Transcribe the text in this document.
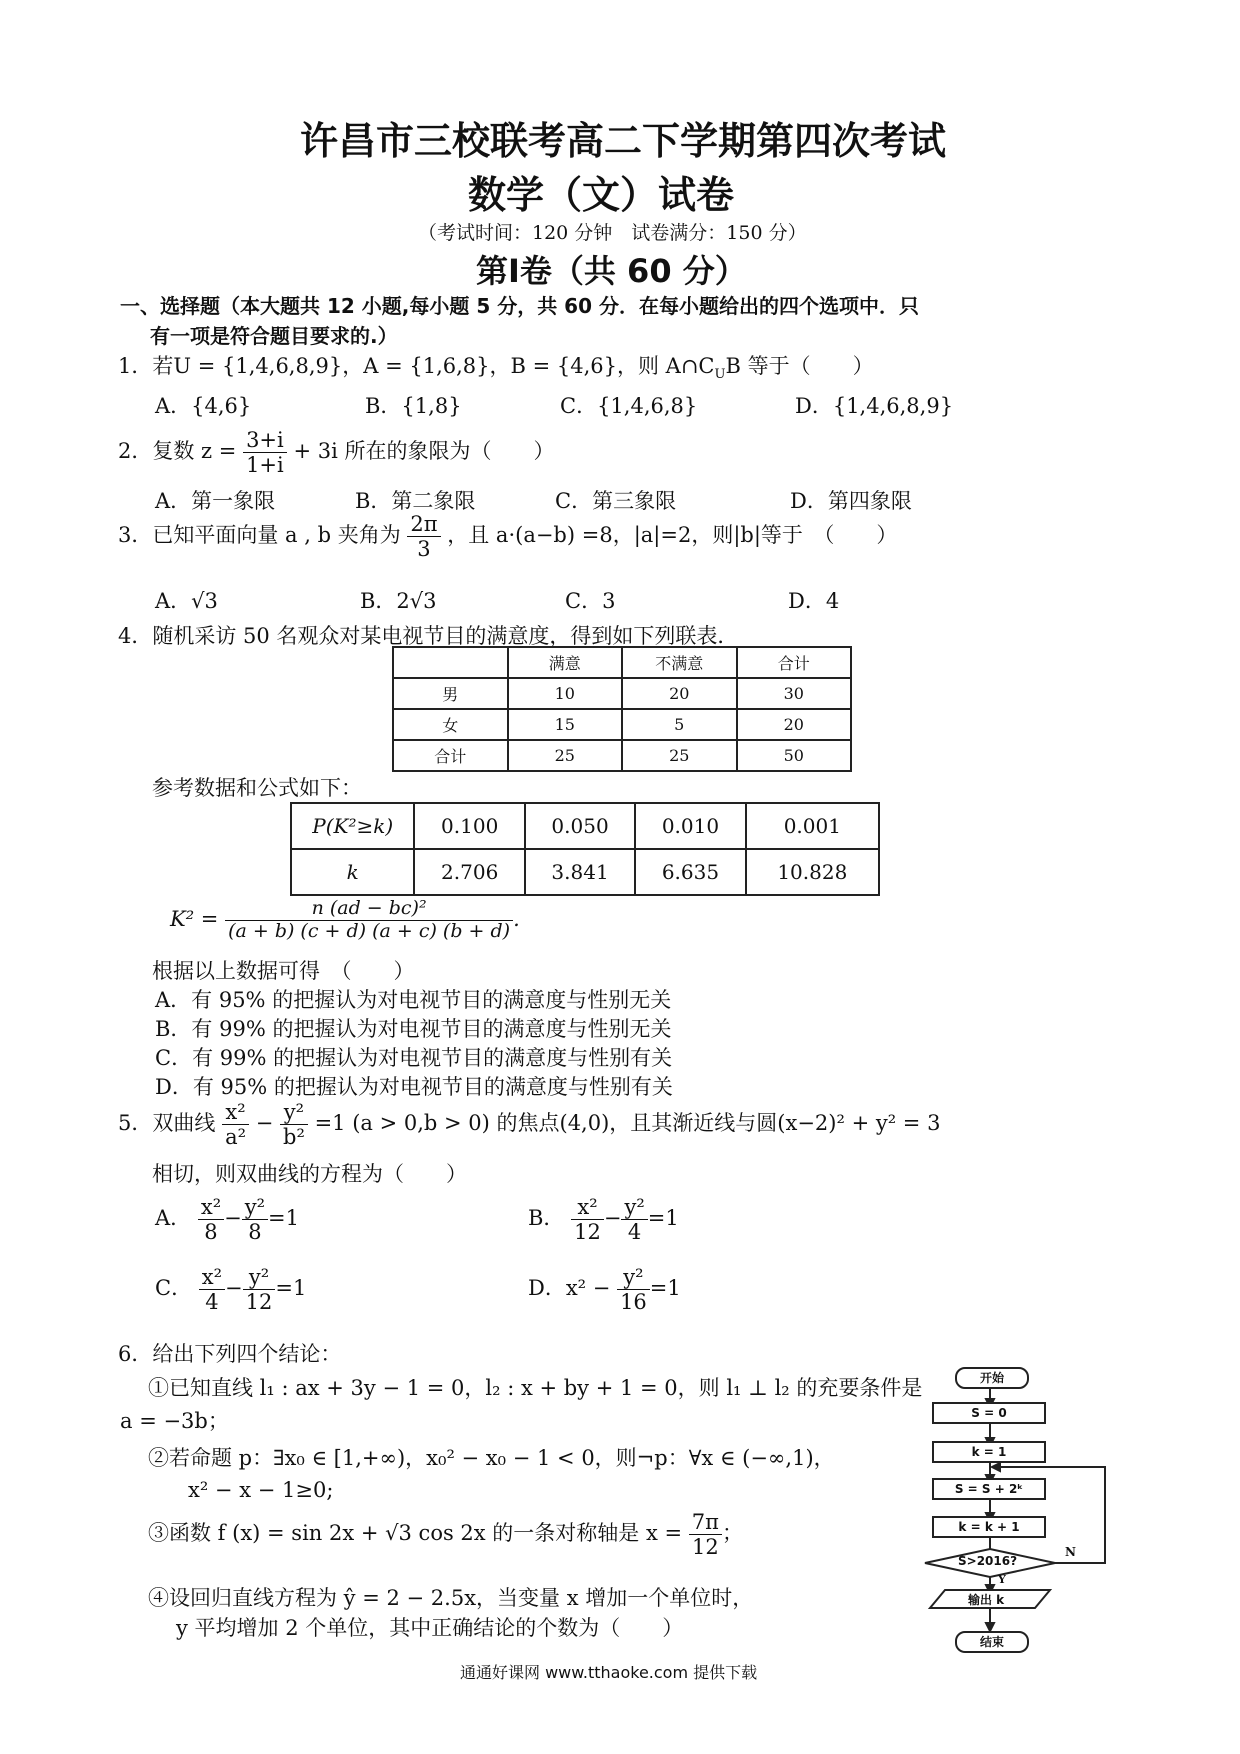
许昌市三校联考高二下学期第四次考试
数学（文）试卷
（考试时间：120 分钟　试卷满分：150 分）
第Ⅰ卷（共 60 分）
一、选择题（本大题共 12 小题,每小题 5 分，共 60 分．在每小题给出的四个选项中．只
有一项是符合题目要求的.）
1．若U = {1,4,6,8,9}，A = {1,6,8}，B = {4,6}，则 $A\cap C_UB$ 等于（　　）
A．{4,6}	B．{1,8}	C．{1,4,6,8}	D．{1,4,6,8,9}
2．复数 $z = \frac{3+i}{1+i} + 3i$ 所在的象限为（　　）
A．第一象限	B．第二象限	C．第三象限	D．第四象限
3．已知平面向量 a , b 夹角为 $\frac{2\pi}{3}$ ，且 a·(a−b) =8，|a|=2，则|b|等于　（　　）
A．√3	B．2√3	C．3	D．4
4．随机采访 50 名观众对某电视节目的满意度，得到如下列联表．
	满意	不满意	合计
男	10	20	30
女	15	5	20
合计	25	25	50
参考数据和公式如下：
P(K²≥k)	0.100	0.050	0.010	0.001
k	2.706	3.841	6.635	10.828
$K^2 = \frac{\text{n (ad − bc)²}}{(a + b) (c + d) (a + c) (b + d)}$ .
根据以上数据可得　（　　）
A．有 95% 的把握认为对电视节目的满意度与性别无关
B．有 99% 的把握认为对电视节目的满意度与性别无关
C．有 99% 的把握认为对电视节目的满意度与性别有关
D．有 95% 的把握认为对电视节目的满意度与性别有关
5．双曲线 $\frac{\text{x²}}{\text{a²}} - \frac{\text{y²}}{\text{b²}} =1$ (a > 0,b > 0) 的焦点(4,0)，且其渐近线与圆(x−2)² + y² = 3
相切，则双曲线的方程为（　　）
A． $\frac{\text{x²}}{8} - \frac{\text{y²}}{8} =1$	B． $\frac{\text{x²}}{12} - \frac{\text{y²}}{4} =1$
C． $\frac{\text{x²}}{4} - \frac{\text{y²}}{12} =1$	D．$x^2 - \frac{\text{y²}}{16} =1$
6．给出下列四个结论：
①已知直线 l₁ : ax + 3y − 1 = 0，l₂ : x + by + 1 = 0，则 l₁ ⊥ l₂ 的充要条件是
a = −3b；
②若命题 p：∃x₀ ∈ [1,+∞)，x₀² − x₀ − 1 < 0，则¬p：∀x ∈ (−∞,1)，
x² − x − 1≥0;
③函数 f (x) = sin 2x + √3 cos 2x 的一条对称轴是 $x = \frac{7\pi}{12}$ ；
④设回归直线方程为 ŷ = 2 − 2.5x，当变量 x 增加一个单位时，
y 平均增加 2 个单位，其中正确结论的个数为（　　）
开始
S = 0
k = 1
S = S + 2ᵏ
k = k + 1
S>2016?
N
Y
输出 k
结束
通通好课网 www.tthaoke.com 提供下载
